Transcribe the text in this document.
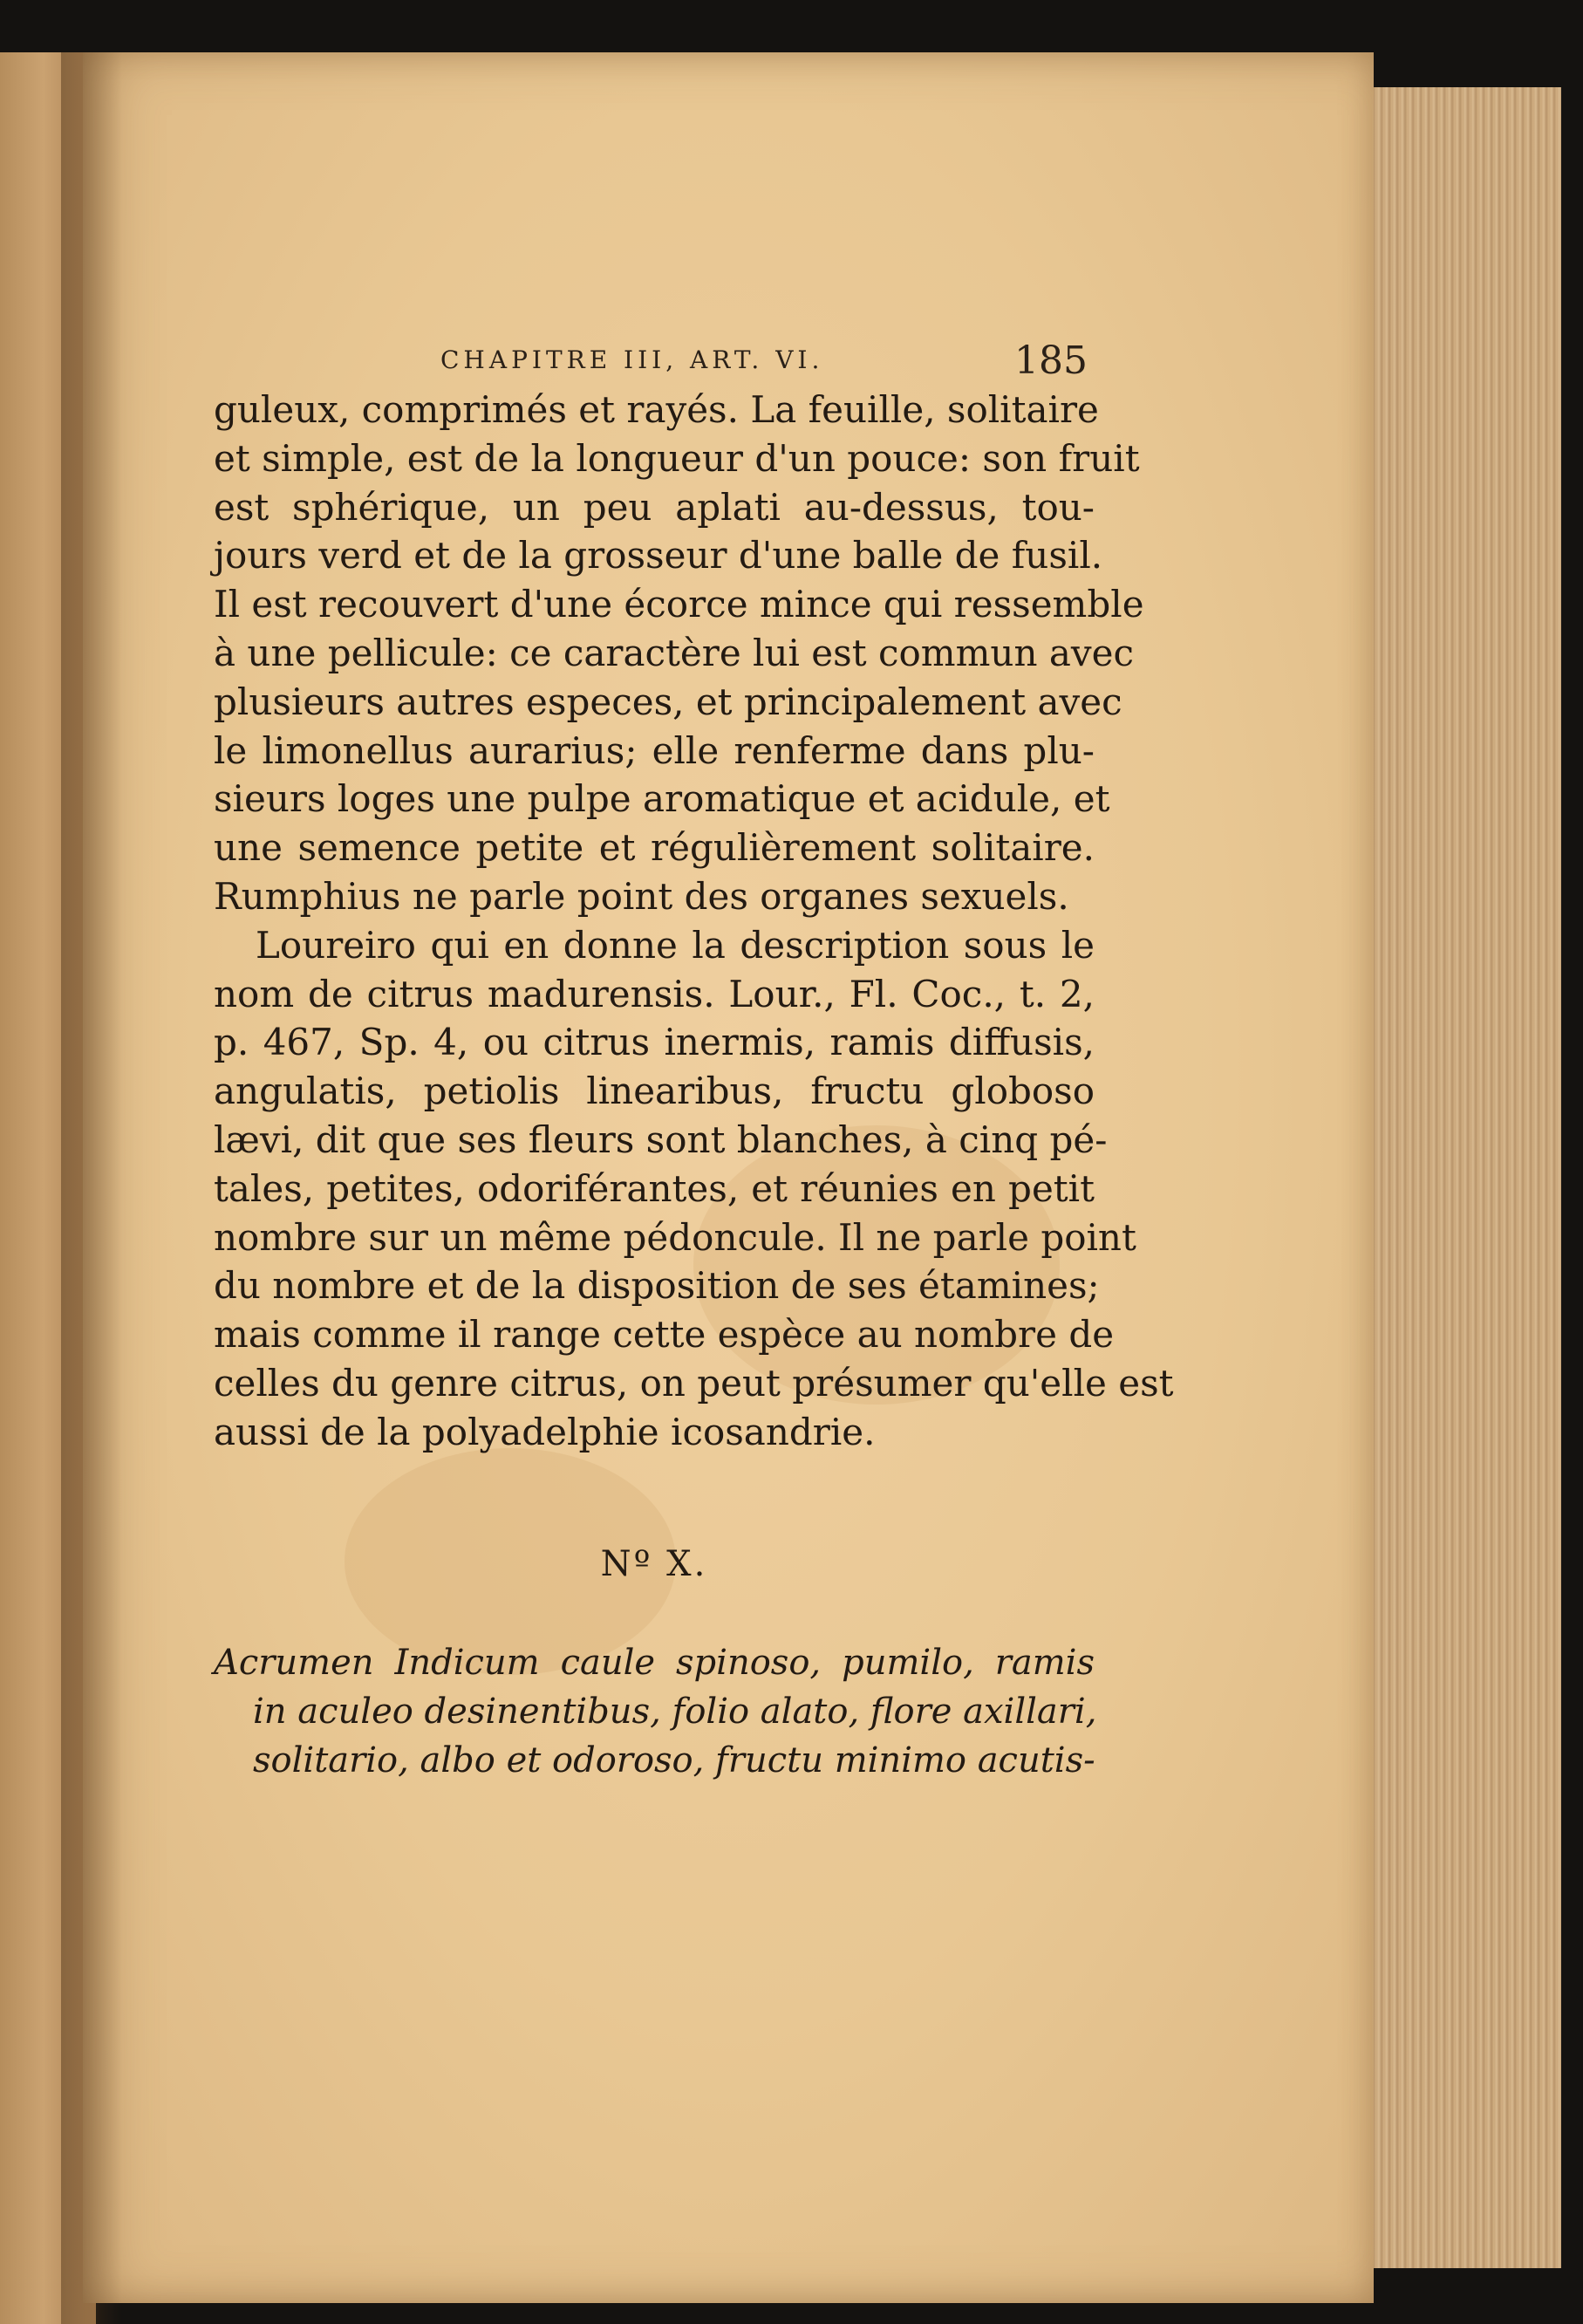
CHAPITRE III, ART. VI.	185
guleux, comprimés et rayés. La feuille, solitaire
et simple, est de la longueur d'un pouce: son fruit
est sphérique, un peu aplati au-dessus, tou-
jours verd et de la grosseur d'une balle de fusil.
Il est recouvert d'une écorce mince qui ressemble
à une pellicule: ce caractère lui est commun avec
plusieurs autres especes, et principalement avec
le limonellus aurarius; elle renferme dans plu-
sieurs loges une pulpe aromatique et acidule, et
une semence petite et régulièrement solitaire.
Rumphius ne parle point des organes sexuels.
Loureiro qui en donne la description sous le
nom de citrus madurensis. Lour., Fl. Coc., t. 2,
p. 467, Sp. 4, ou citrus inermis, ramis diffusis,
angulatis, petiolis linearibus, fructu globoso
lævi, dit que ses fleurs sont blanches, à cinq pé-
tales, petites, odoriférantes, et réunies en petit
nombre sur un même pédoncule. Il ne parle point
du nombre et de la disposition de ses étamines;
mais comme il range cette espèce au nombre de
celles du genre citrus, on peut présumer qu'elle est
aussi de la polyadelphie icosandrie.
Nº X.
Acrumen Indicum caule spinoso, pumilo, ramis
in aculeo desinentibus, folio alato, flore axillari,
solitario, albo et odoroso, fructu minimo acutis-
